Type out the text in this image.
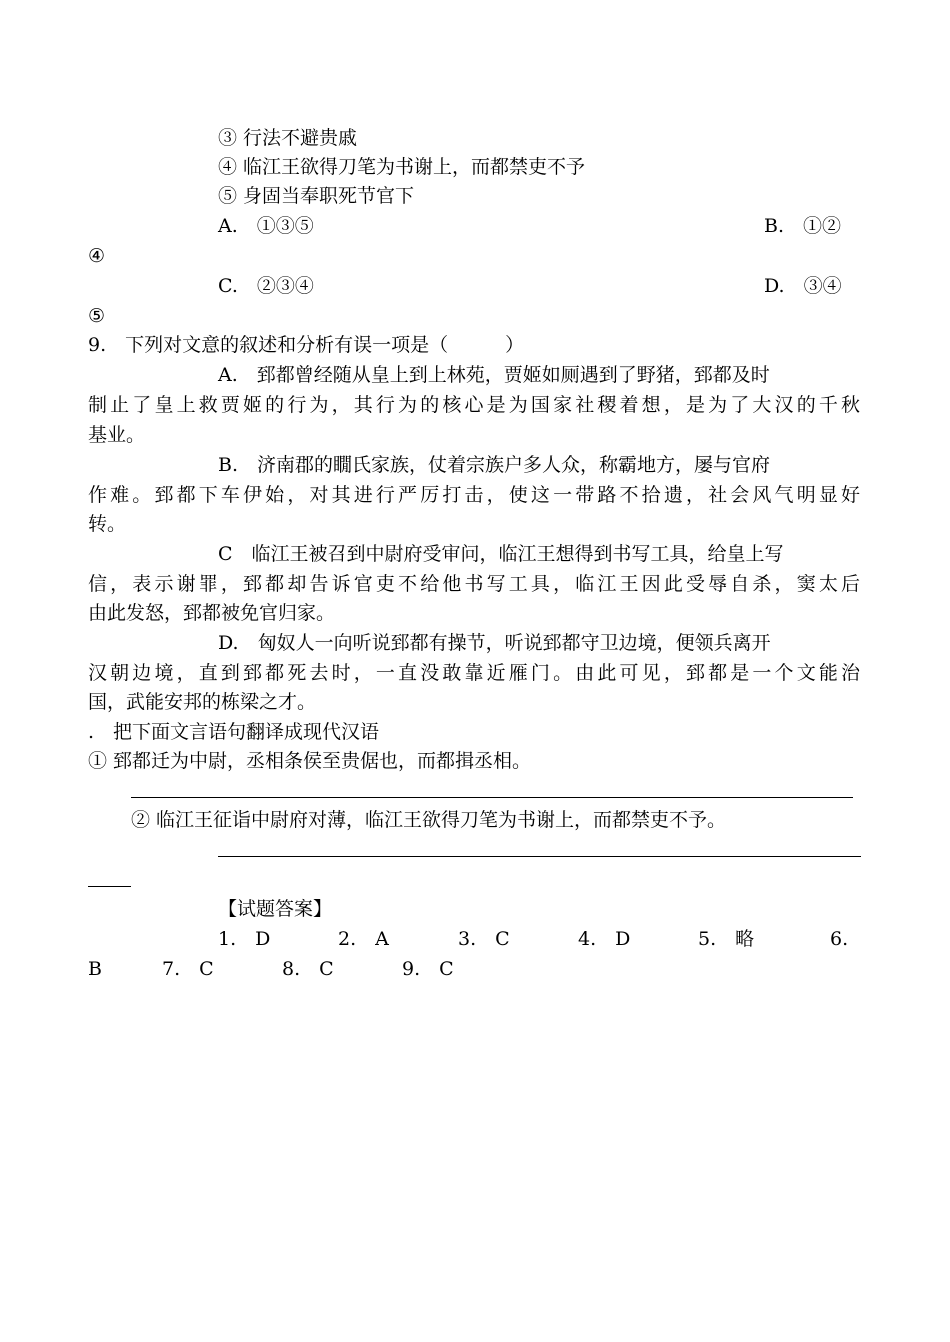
③ 行法不避贵戚
④ 临江王欲得刀笔为书谢上，而都禁吏不予
⑤ 身固当奉职死节官下
A.　①③⑤	B.　①②
④
C.　②③④	D.　③④
⑤
9.　下列对文意的叙述和分析有误一项是（　　　）
A.　郅都曾经随从皇上到上林苑，贾姬如厕遇到了野猪，郅都及时
制止了皇上救贾姬的行为，其行为的核心是为国家社稷着想，是为了大汉的千秋
基业。
B.　济南郡的瞯氏家族，仗着宗族户多人众，称霸地方，屡与官府
作难。郅都下车伊始，对其进行严厉打击，使这一带路不拾遗，社会风气明显好
转。
C　临江王被召到中尉府受审问，临江王想得到书写工具，给皇上写
信，表示谢罪，郅都却告诉官吏不给他书写工具，临江王因此受辱自杀，窦太后
由此发怒，郅都被免官归家。
D.　匈奴人一向听说郅都有操节，听说郅都守卫边境，便领兵离开
汉朝边境，直到郅都死去时，一直没敢靠近雁门。由此可见，郅都是一个文能治
国，武能安邦的栋梁之才。
.　把下面文言语句翻译成现代汉语
① 郅都迁为中尉，丞相条侯至贵倨也，而都揖丞相。
② 临江王征诣中尉府对薄，临江王欲得刀笔为书谢上，而都禁吏不予。
【试题答案】
1.　D	2.　A	3.　C	4.　D	5.　略	6.
B	7.　C	8.　C	9.　C
